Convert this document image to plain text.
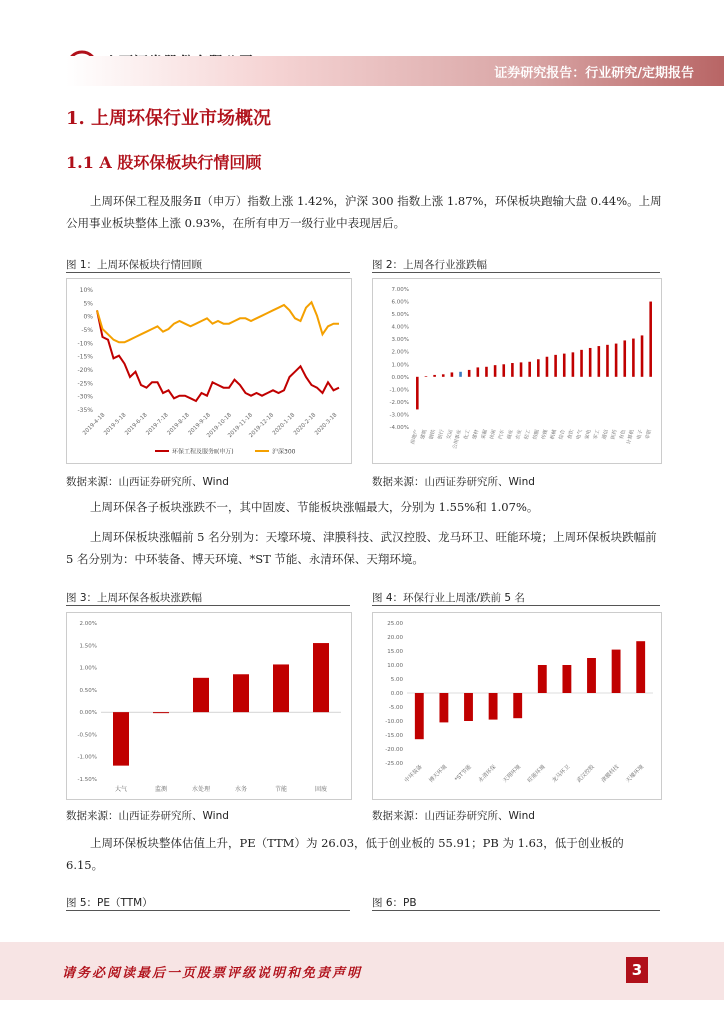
证券研究报告：行业研究/定期报告
1. 上周环保行业市场概况
1.1 A 股环保板块行情回顾
上周环保工程及服务Ⅱ（申万）指数上涨 1.42%，沪深 300 指数上涨 1.87%，环保板块跑输大盘 0.44%。上周公用事业板块整体上涨 0.93%，在所有申万一级行业中表现居后。
图 1：上周环保板块行情回顾	图 2：上周各行业涨跌幅
10%
5%
0%
-5%
-10%
-15%
-20%
-25%
-30%
-35%
2019-4-18
2019-5-18
2019-6-18
2019-7-18
2019-8-18
2019-9-18
2019-10-18
2019-11-18
2019-12-18
2020-1-18
2020-2-18
2020-3-18
环保工程及服务Ⅱ(申万)	沪深300
7.00%
6.00%
5.00%
4.00%
3.00%
2.00%
1.00%
0.00%
-1.00%
-2.00%
-3.00%
-4.00%
房地产 建筑 钢铁 银行 交运
公用事业 化工 建材 采掘 休闲 汽车 商业 农业 轻工 纺服 传媒 机械 综合 食饮 电气 家电 军工 通信 医药 有色
计算机 电子 非银
数据来源：山西证券研究所、Wind	数据来源：山西证券研究所、Wind
上周环保各子板块涨跌不一，其中固废、节能板块涨幅最大，分别为 1.55%和 1.07%。
上周环保板块涨幅前 5 名分别为：天壕环境、津膜科技、武汉控股、龙马环卫、旺能环境；上周环保板块跌幅前 5 名分别为：中环装备、博天环境、*ST 节能、永清环保、天翔环境。
图 3：上周环保各板块涨跌幅	图 4：环保行业上周涨/跌前 5 名
2.00%
1.50%
1.00%
0.50%
0.00%
-0.50%
-1.00%
-1.50%
大气	监测	水处理	水务	节能	固废
25.00
20.00
15.00
10.00
5.00
0.00
-5.00
-10.00
-15.00
-20.00
-25.00
中环装备 博天环境 *ST节能 永清环保 天翔环境 旺能环境 龙马环卫 武汉控股 津膜科技 天壕环境
数据来源：山西证券研究所、Wind	数据来源：山西证券研究所、Wind
上周环保板块整体估值上升，PE（TTM）为 26.03，低于创业板的 55.91；PB 为 1.63，低于创业板的 6.15。
图 5：PE（TTM）	图 6：PB
请务必阅读最后一页股票评级说明和免责声明	3
